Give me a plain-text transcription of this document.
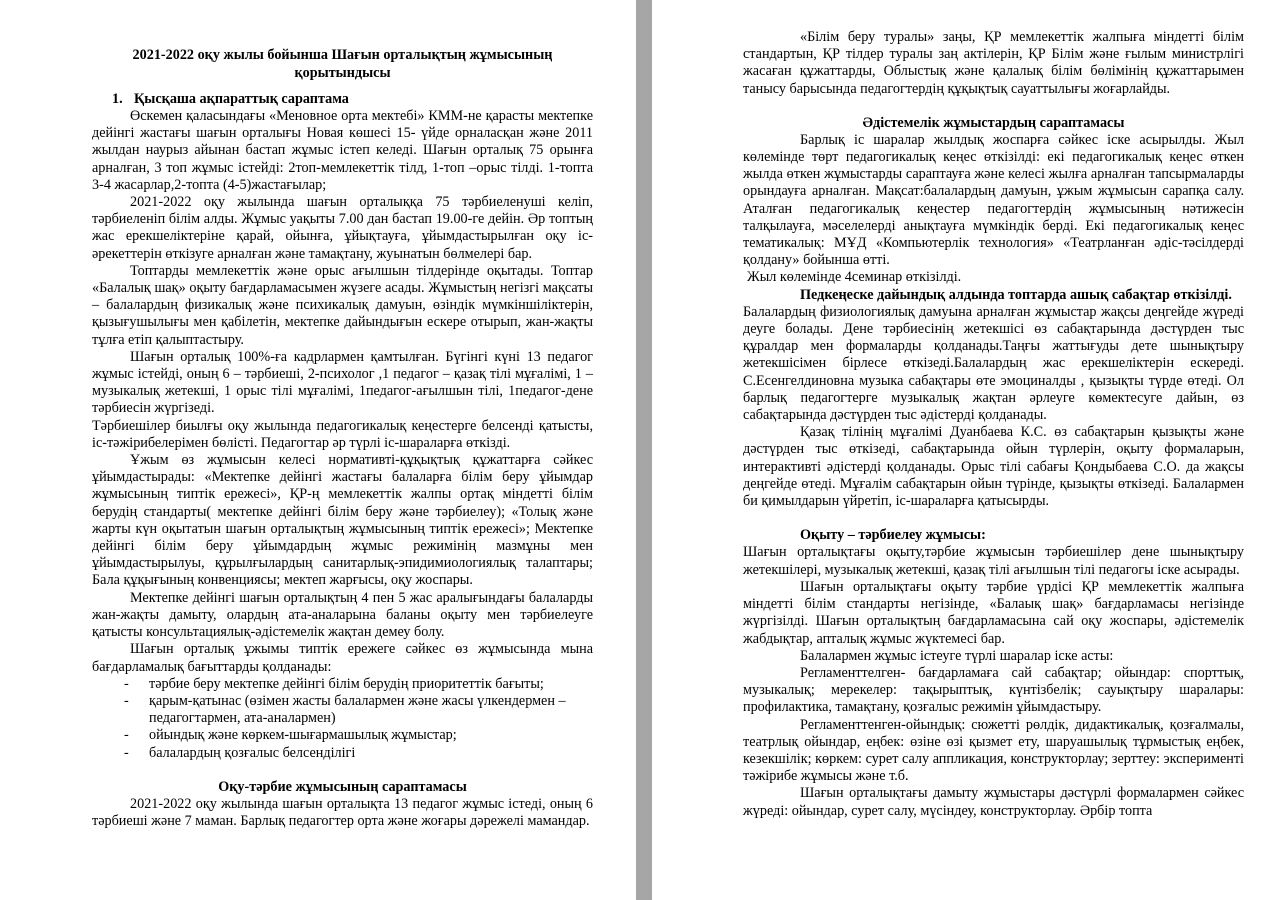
2021-2022 оқу жылы бойынша Шағын орталықтың жұмысының қорытындысы
1. Қысқаша ақпараттық сараптама

Өскемен қаласындағы «Меновное орта мектебі» КММ-не қарасты мектепке дейінгі жастағы шағын орталығы Новая көшесі 15- үйде орналасқан және 2011 жылдан наурыз айынан бастап жұмыс істеп келеді. Шағын орталық 75 орынға арналған, 3 топ жұмыс істейді: 2топ-мемлекеттік тілд, 1-топ –орыс тілді. 1-топта 3-4 жасарлар,2-топта (4-5)жастағылар;

2021-2022 оқу жылында шағын орталыққа 75 тәрбиеленуші келіп, тәрбиеленіп білім алды. Жұмыс уақыты 7.00 дан бастап 19.00-ге дейін. Әр топтың жас ерекшеліктеріне қарай, ойынға, ұйықтауға, ұйымдастырылған оқу іс-әрекеттерін өткізуге арналған және тамақтану, жуынатын бөлмелері бар.

Топтарды мемлекеттік және орыс ағылшын тілдерінде оқытады. Топтар «Балалық шақ» оқыту бағдарламасымен жүзеге асады. Жұмыстың негізгі мақсаты – балалардың физикалық және психикалық дамуын, өзіндік мүмкіншіліктерін, қызығушылығы мен қабілетін, мектепке дайындығын ескере отырып, жан-жақты тұлға етіп қалыптастыру.

Шағын орталық 100%-ға кадрлармен қамтылған. Бүгінгі күні 13 педагог жұмыс істейді, оның 6 – тәрбиеші, 2-психолог ,1 педагог – қазақ тілі мұғалімі, 1 – музыкалық жетекші, 1 орыс тілі мұғалімі, 1педагог-ағылшын тілі, 1педагог-дене тәрбиесін жүргізеді.

Тәрбиешілер биылғы оқу жылында педагогикалық кеңестерге белсенді қатысты, іс-тәжірибелерімен бөлісті. Педагогтар әр түрлі іс-шараларға өткізді.

Ұжым өз жұмысын келесі нормативті-құқықтық құжаттарға сәйкес ұйымдастырады: «Мектепке дейінгі жастағы балаларға білім беру ұйымдар жұмысының типтік ережесі», ҚР-ң мемлекеттік жалпы ортақ міндетті білім берудің стандарты( мектепке дейінгі білім беру және тәрбиелеу); «Толық және жарты күн оқытатын шағын орталықтың жұмысының типтік ережесі»; Мектепке дейінгі білім беру ұйымдардың жұмыс режимінің мазмұны мен ұйымдастырылуы, құрылғылардың санитарлық-эпидимиологиялық талаптары; Бала құқығының конвенциясы; мектеп жарғысы, оқу жоспары.

Мектепке дейінгі шағын орталықтың 4 пен 5 жас аралығындағы балаларды жан-жақты дамыту, олардың ата-аналарына баланы оқыту мен тәрбиелеуге қатысты консультациялық-әдістемелік жақтан демеу болу.

Шағын орталық ұжымы типтік ережеге сәйкес өз жұмысында мына бағдарламалық бағыттарды қолданады:

- тәрбие беру мектепке дейінгі білім берудің приоритеттік бағыты;
- қарым-қатынас (өзімен жасты балалармен және жасы үлкендермен – педагогтармен, ата-аналармен)
- ойындық және көркем-шығармашылық жұмыстар;
- балалардың қозғалыс белсенділігі
Оқу-тәрбие жұмысының сараптамасы

2021-2022 оқу жылында шағын орталықта 13 педагог жұмыс істеді, оның 6 тәрбиеші және 7 маман. Барлық педагогтер орта және жоғары дәрежелі мамандар.

«Білім беру туралы» заңы, ҚР мемлекеттік жалпыға міндетті білім стандартын, ҚР тілдер туралы заң актілерін, ҚР Білім және ғылым министрлігі жасаған құжаттарды, Облыстық және қалалық білім бөлімінің құжаттарымен танысу барысында педагогтердің құқықтық сауаттылығы жоғарлайды.

Әдістемелік жұмыстардың сараптамасы

Барлық іс шаралар жылдық жоспарға сәйкес іске асырылды. Жыл көлемінде төрт педагогикалық кеңес өткізілді: екі педагогикалық кеңес өткен жылда өткен жұмыстарды сараптауға және келесі жылға арналған тапсырмаларды орындауға арналған. Мақсат:балалардың дамуын, ұжым жұмысын сарапқа салу. Аталған педагогикалық кеңестер педагогтердің жұмысының нәтижесін талқылауға, мәселелерді анықтауға мүмкіндік берді. Екі педагогикалық кеңес тематикалық: МҰД «Компьютерлік технология» «Театрланған әдіс-тәсілдерді қолдану» бойынша өтті.

Жыл көлемінде 4семинар өткізілді.

Педкеңеске дайындық алдында топтарда ашық сабақтар өткізілді.

Балалардың физиологиялық дамуына арналған жұмыстар жақсы деңгейде жүреді деуге болады. Дене тәрбиесінің жетекшісі өз сабақтарында дәстүрден тыс құралдар мен формаларды қолданады.Таңғы жаттығуды дете шынықтыру жетекшісімен бірлесе өткізеді.Балалардың жас ерекшеліктерін ескереді. С.Есенгелдиновна музыка сабақтары өте эмоциналды , қызықты түрде өтеді. Ол барлық педагогтерге музыкалық жақтан әрлеуге көмектесуге дайын, өз сабақтарында дәстүрден тыс әдістерді қолданады.

Қазақ тілінің мұғалімі Дуанбаева К.С. өз сабақтарын қызықты және дәстүрден тыс өткізеді, сабақтарында ойын түрлерін, оқыту формаларын, интерактивті әдістерді қолданады. Орыс тілі сабағы Қондыбаева С.О. да жақсы деңгейде өтеді. Мұғалім сабақтарын ойын түрінде, қызықты өткізеді. Балалармен би қимылдарын үйретіп, іс-шараларға қатысырды.

Оқыту – тәрбиелеу жұмысы:

Шағын орталықтағы оқыту,тәрбие жұмысын тәрбиешілер дене шынықтыру жетекшілері, музыкалық жетекші, қазақ тілі ағылшын тілі педагогы іске асырады.

Шағын орталықтағы оқыту тәрбие үрдісі ҚР мемлекеттік жалпыға міндетті білім стандарты негізінде, «Балаық шақ» бағдарламасы негізінде жүргізілді. Шағын орталықтың бағдарламасына сай оқу жоспары, әдістемелік жабдықтар, апталық жұмыс жүктемесі бар.

Балалармен жұмыс істеуге түрлі шаралар іске асты:

Регламенттелген- бағдарламаға сай сабақтар; ойындар: спорттық, музыкалық; мерекелер: тақырыптық, күнтізбелік; сауықтыру шаралары: профилактика, тамақтану, қозғалыс режимін ұйымдастыру.

Регламенттенген-ойындық: сюжетті рөлдік, дидактикалық, қозғалмалы, театрлық ойындар, еңбек: өзіне өзі қызмет ету, шаруашылық тұрмыстық еңбек, кезекшілік; көркем: сурет салу аппликация, конструкторлау; зерттеу: эксперименті тәжірибе жұмысы және т.б.

Шағын орталықтағы дамыту жұмыстары дәстүрлі формалармен сәйкес жүреді: ойындар, сурет салу, мүсіндеу, конструкторлау. Әрбір топта
